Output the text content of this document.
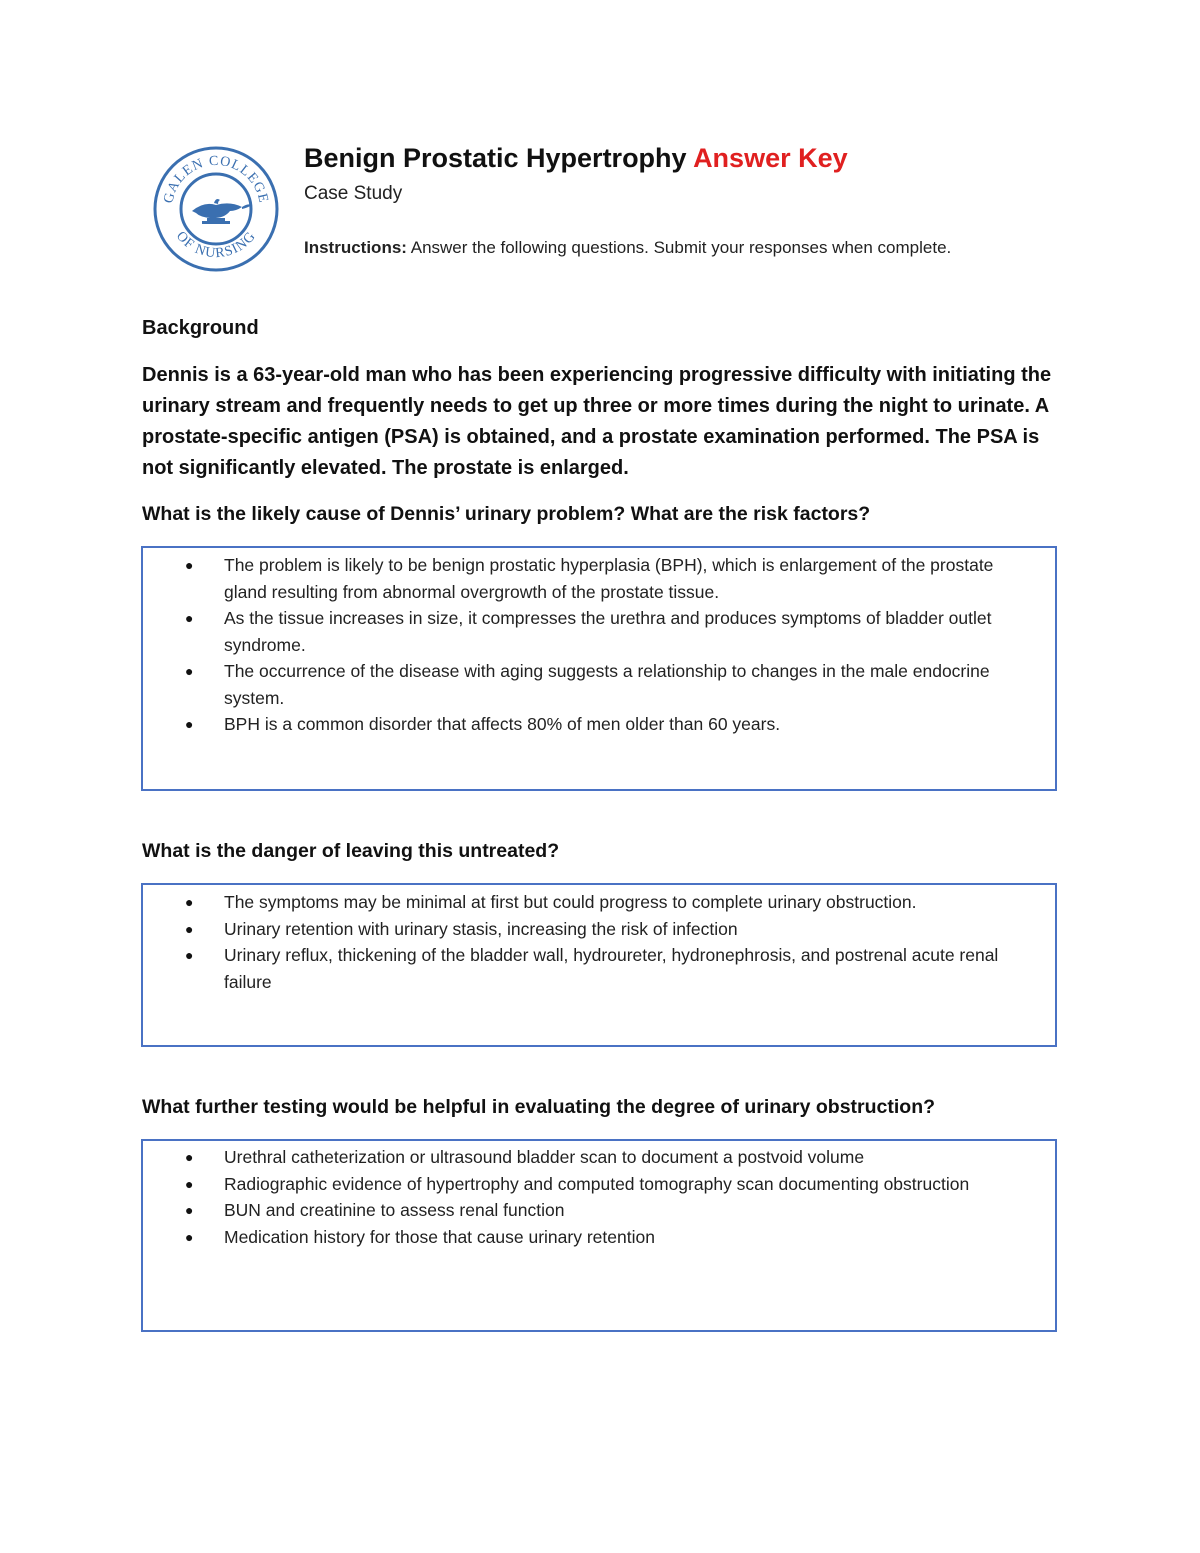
GALEN COLLEGE
OF NURSING
Benign Prostatic Hypertrophy Answer Key
Case Study
Instructions: Answer the following questions. Submit your responses when complete.
Background
Dennis is a 63-year-old man who has been experiencing progressive difficulty with initiating the urinary stream and frequently needs to get up three or more times during the night to urinate. A prostate-specific antigen (PSA) is obtained, and a prostate examination performed. The PSA is not significantly elevated. The prostate is enlarged.
What is the likely cause of Dennis’ urinary problem? What are the risk factors?
● The problem is likely to be benign prostatic hyperplasia (BPH), which is enlargement of the prostate gland resulting from abnormal overgrowth of the prostate tissue.
● As the tissue increases in size, it compresses the urethra and produces symptoms of bladder outlet syndrome.
● The occurrence of the disease with aging suggests a relationship to changes in the male endocrine system.
● BPH is a common disorder that affects 80% of men older than 60 years.
What is the danger of leaving this untreated?
● The symptoms may be minimal at first but could progress to complete urinary obstruction.
● Urinary retention with urinary stasis, increasing the risk of infection
● Urinary reflux, thickening of the bladder wall, hydroureter, hydronephrosis, and postrenal acute renal failure
What further testing would be helpful in evaluating the degree of urinary obstruction?
● Urethral catheterization or ultrasound bladder scan to document a postvoid volume
● Radiographic evidence of hypertrophy and computed tomography scan documenting obstruction
● BUN and creatinine to assess renal function
● Medication history for those that cause urinary retention
